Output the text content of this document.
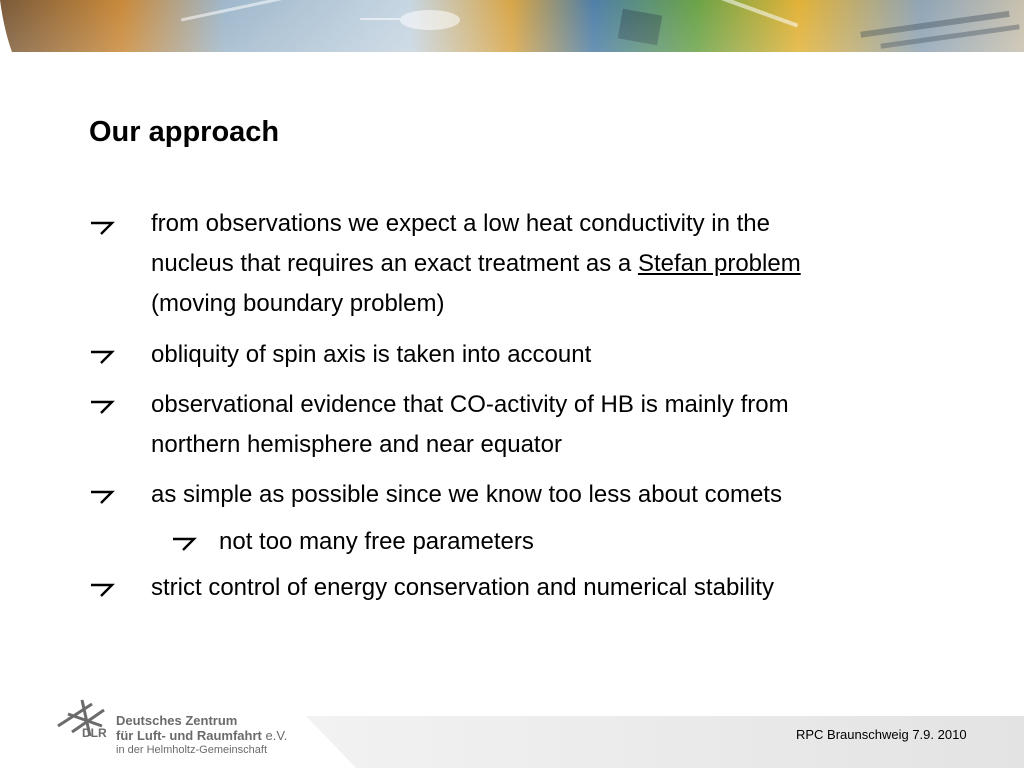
Our approach
from observations we expect a low heat conductivity in the
nucleus that requires an exact treatment as a Stefan problem
(moving boundary problem)
obliquity of spin axis is taken into account
observational evidence that CO-activity of HB is mainly from
northern hemisphere and near equator
as simple as possible since we know too less about comets
not too many free parameters
strict control of energy conservation and numerical stability
DLR
Deutsches Zentrum
für Luft- und Raumfahrt e.V.
in der Helmholtz-Gemeinschaft
RPC Braunschweig 7.9. 2010
